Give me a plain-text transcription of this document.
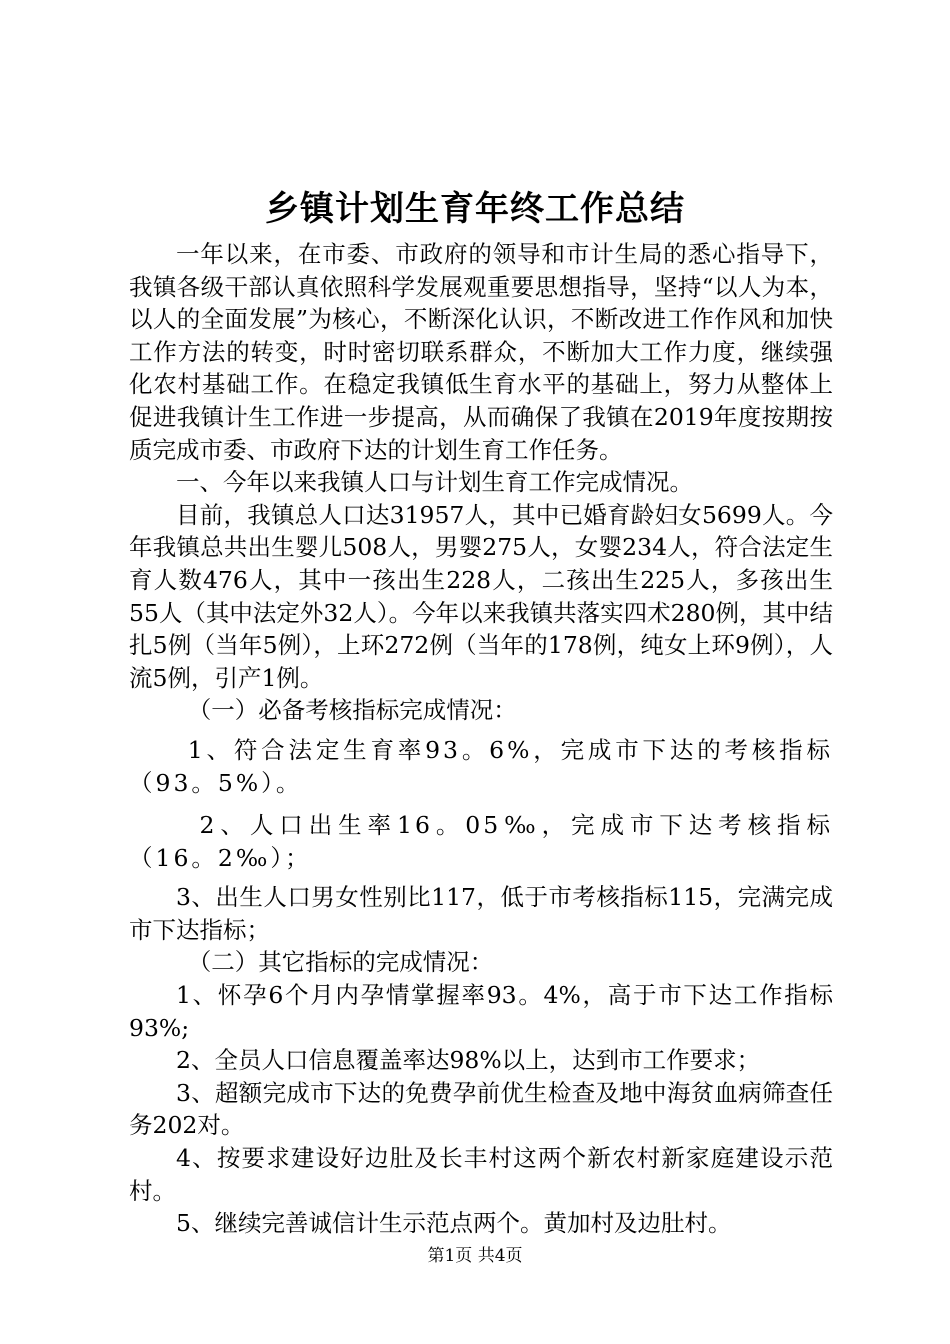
乡镇计划生育年终工作总结

一年以来，在市委、市政府的领导和市计生局的悉心指导下，我镇各级干部认真依照科学发展观重要思想指导，坚持“以人为本，以人的全面发展”为核心，不断深化认识，不断改进工作作风和加快工作方法的转变，时时密切联系群众，不断加大工作力度，继续强化农村基础工作。在稳定我镇低生育水平的基础上，努力从整体上促进我镇计生工作进一步提高，从而确保了我镇在2019年度按期按质完成市委、市政府下达的计划生育工作任务。

一、今年以来我镇人口与计划生育工作完成情况。

目前，我镇总人口达31957人，其中已婚育龄妇女5699人。今年我镇总共出生婴儿508人，男婴275人，女婴234人，符合法定生育人数476人，其中一孩出生228人，二孩出生225人，多孩出生55人（其中法定外32人）。今年以来我镇共落实四术280例，其中结扎5例（当年5例），上环272例（当年的178例，纯女上环9例），人流5例，引产1例。

（一）必备考核指标完成情况：

1、符合法定生育率93。6%，完成市下达的考核指标（93。5%）。

2、人口出生率16。05‰，完成市下达考核指标（16。2‰）；

3、出生人口男女性别比117，低于市考核指标115，完满完成市下达指标；

（二）其它指标的完成情况：

1、怀孕6个月内孕情掌握率93。4%，高于市下达工作指标93%;

2、全员人口信息覆盖率达98%以上，达到市工作要求；

3、超额完成市下达的免费孕前优生检查及地中海贫血病筛查任务202对。

4、按要求建设好边肚及长丰村这两个新农村新家庭建设示范村。

5、继续完善诚信计生示范点两个。黄加村及边肚村。

第1页 共4页
